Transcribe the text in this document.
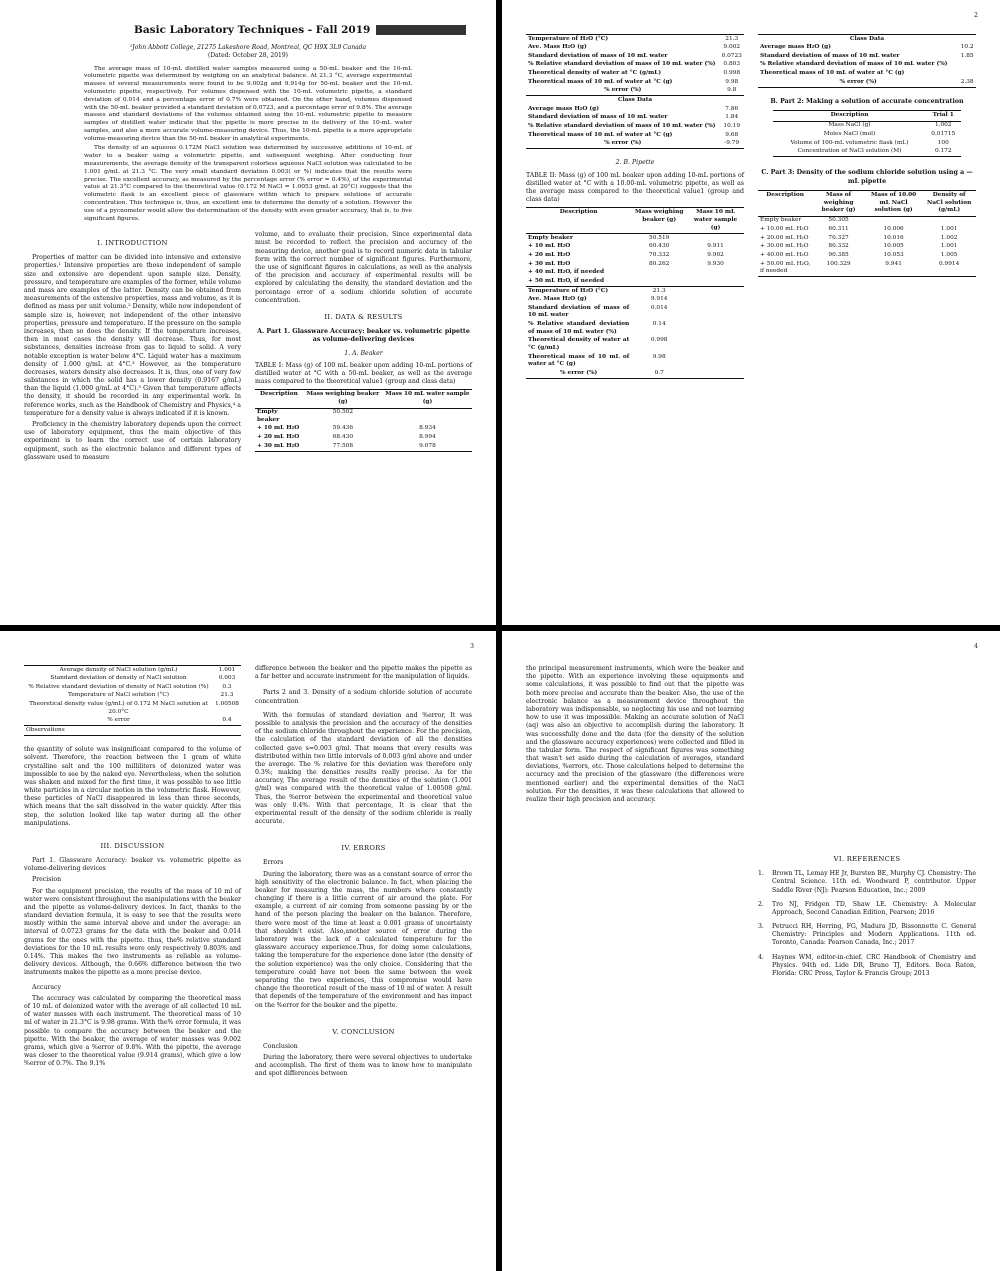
Basic Laboratory Techniques - Fall 2019
¹John Abbott College, 21275 Lakeshore Road, Montreal, QC H9X 3L9 Canada
(Dated: October 28, 2019)

The average mass of 10-mL distilled water samples measured using a 50-mL beaker and the 10-mL volumetric pipette was determined by weighing on an analytical balance. At 21.3 °C, average experimental masses of several measurements were found to be 9.002g and 9.914g for 50-mL beaker and the 10-mL volumetric pipette, respectively. For volumes dispensed with the 10-mL volumetric pipette, a standard deviation of 0.014 and a percentage error of 0.7% were obtained. On the other hand, volumes dispensed with the 50-mL beaker provided a standard deviation of 0.0723, and a percentage error of 9.8%. The average masses and standard deviations of the volumes obtained using the 10-mL volumetric pipette to measure samples of distilled water indicate that the pipette is more precise in its delivery of the 10-mL water samples, and also a more accurate volume-measuring device. Thus, the 10-mL pipette is a more appropriate volume-measuring device than the 50-mL beaker in analytical experiments.

The density of an aqueous 0.172M NaCl solution was determined by successive additions of 10-mL of water to a beaker using a volumetric pipette, and subsequent weighing. After conducting four measurements, the average density of the transparent colorless aqueous NaCl solution was calculated to be 1.001 g/mL at 21.3 °C. The very small standard deviation 0.003( or %) indicates that the results were precise. The excellent accuracy, as measured by the percentage error (% error = 0.4%), of the experimental value at 21.3°C compared to the theoretical value (0.172 M NaCl = 1.0053 g/mL at 20°C) suggests that the volumetric flask is an excellent piece of glassware within which to prepare solutions of accurate concentration. This technique is, thus, an excellent one to determine the density of a solution. However the use of a pycnometer would allow the determination of the density with even greater accuracy, that is, to five significant figures.

I. INTRODUCTION

Properties of matter can be divided into intensive and extensive properties.¹ Intensive properties are those independent of sample size and extensive are dependent upon sample size. Density, pressure, and temperature are examples of the former, while volume and mass are examples of the latter. Density can be obtained from measurements of the extensive properties, mass and volume, as it is defined as mass per unit volume.² Density, while now independent of sample size is, however, not independent of the other intensive properties, pressure and temperature. If the pressure on the sample increases, then so does the density. If the temperature increases, then in most cases the density will decrease. Thus, for most substances, densities increase from gas to liquid to solid. A very notable exception is water below 4°C. Liquid water has a maximum density of 1.000 g/mL at 4°C.³ However, as the temperature decreases, waters density also decreases. It is, thus, one of very few substances in which the solid has a lower density (0.9167 g/mL) than the liquid (1.000 g/mL at 4°C).³ Given that temperature affects the density, it should be recorded in any experimental work. In reference works, such as the Handbook of Chemistry and Physics,⁴ a temperature for a density value is always indicated if it is known.

Proficiency in the chemistry laboratory depends upon the correct use of laboratory equipment, thus the main objective of this experiment is to learn the correct use of certain laboratory equipment, such as the electronic balance and different types of glassware used to measure

volume, and to evaluate their precision. Since experimental data must be recorded to reflect the precision and accuracy of the measuring device, another goal is to record numeric data in tabular form with the correct number of significant figures. Furthermore, the use of significant figures in calculations, as well as the analysis of the precision and accuracy of experimental results will be explored by calculating the density, the standard deviation and the percentage error of a sodium chloride solution of accurate concentration.

II. DATA & RESULTS
A. Part 1. Glassware Accuracy: beaker vs. volumetric pipette as volume-delivering devices
1. A. Beaker
TABLE I: Mass (g) of 100 mL beaker upon adding 10-mL portions of distilled water at °C with a 50-mL beaker, as well as the average mass compared to the theoretical value1 (group and class data)
Description	Mass weighing beaker (g)	Mass 10 mL water sample (g)
Empty beaker	50.502	
+ 10 mL H₂O	59.436	8.934
+ 20 mL H₂O	68.430	8.994
+ 30 mL H₂O	77.508	9.078
2
Temperature of H₂O (°C)	21.3
Ave. Mass H₂O (g)	9.002
Standard deviation of mass of 10 mL water	0.0723
% Relative standard deviation of mass of 10 mL water (%)	0.803
Theoretical density of water at °C (g/mL)	0.998
Theoretical mass of 10 mL of water at °C (g)	9.98
% error (%)	9.8
Class Data	
Average mass H₂O (g)	7.86
Standard deviation of mass of 10 mL water	1.84
% Relative standard deviation of mass of 10 mL water (%)	10.19
Theoretical mass of 10 mL of water at °C (g)	9.68
% error (%)	-9.79
2. B. Pipette
TABLE II: Mass (g) of 100 mL beaker upon adding 10-mL portions of distilled water at °C with a 10.00-mL volumetric pipette, as well as the average mass compared to the theoretical value1 (group and class data)
Description	Mass weighing beaker (g)	Mass 10 mL water sample (g)
Empty beaker	50.519	
+ 10 mL H₂O	60.430	9.911
+ 20 mL H₂O	70.332	9.902
+ 30 mL H₂O	80.262	9.930
+ 40 mL H₂O, if needed		
+ 50 mL H₂O, if needed		
Temperature of H₂O (°C)	21.3	
Ave. Mass H₂O (g)	9.914	
Standard deviation of mass of 10 mL water	0.014	
% Relative standard deviation of mass of 10 mL water (%)	0.14	
Theoretical density of water at °C (g/mL)	0.998	
Theoretical mass of 10 mL of water at °C (g)	9.98	
% error (%)	0.7	
Class Data	
Average mass H₂O (g)	10.2
Standard deviation of mass of 10 mL water	1.85
% Relative standard deviation of mass of 10 mL water (%)	
Theoretical mass of 10 mL of water at °C (g)	
% error (%)	2.38
B. Part 2: Making a solution of accurate concentration
Description	Trial 1
Mass NaCl (g)	1.002
Moles NaCl (mol)	0.01715
Volume of 100-mL volumetric flask (mL)	100
Concentration of NaCl solution (M)	0.172
C. Part 3: Density of the sodium chloride solution using a — mL pipette
Description	Mass of weighing beaker (g)	Mass of 10.00 mL NaCl solution (g)	Density of NaCl solution (g/mL)
Empty beaker	50.305		
+ 10.00 mL H₂O	60.311	10.006	1.001
+ 20.00 mL H₂O	70.327	10.016	1.002
+ 30.00 mL H₂O	80.332	10.005	1.001
+ 40.00 mL H₂O	90.385	10.053	1.005
+ 50.00 mL H₂O, if needed	100.329	9.941	0.9914
3
Average density of NaCl solution (g/mL)	1.001
Standard deviation of density of NaCl solution	0.003
% Relative standard deviation of density of NaCl solution (%)	0.3
Temperature of NaCl solution (°C)	21.3
Theoretical density value (g/mL) of 0.172 M NaCl solution at 20.0°C	1.00508
% error	0.4
Observations	

the quantity of solute was insignificant compared to the volume of solvent. Therefore, the reaction between the 1 gram of white crystalline salt and the 100 milliliters of deionized water was impossible to see by the naked eye. Nevertheless, when the solution was shaken and mixed for the first time, it was possible to see little white particles in a circular motion in the volumetric flask. However, these particles of NaCl disappeared in less than three seconds, which means that the salt dissolved in the water quickly. After this step, the solution looked like tap water during all the other manipulations.

III. DISCUSSION

Part 1. Glassware Accuracy: beaker vs. volumetric pipette as volume-delivering devices

Precision

For the equipment precision, the results of the mass of 10 ml of water were consistent throughout the manipulations with the beaker and the pipette as volume-delivery devices. In fact, thanks to the standard deviation formula, it is easy to see that the results were mostly within the same interval above and under the average: an interval of 0.0723 grams for the data with the beaker and 0.014 grams for the ones with the pipette. thus, the% relative standard deviations for the 10 mL results were only respectively 0.803% and 0.14%. This makes the two instruments as reliable as volume-delivery devices. Although, the 0.66% difference between the two instruments makes the pipette as a more precise device.

Accuracy

The accuracy was calculated by comparing the theoretical mass of 10 mL of deionized water with the average of all collected 10 mL of water masses with each instrument. The theoretical mass of 10 ml of water in 21.3°C is 9.98 grams. With the% error formula, it was possible to compare the accuracy between the beaker and the pipette. With the beaker, the average of water masses was 9.002 grams, which give a %error of 9.8%. With the pipette, the average was closer to the theoretical value (9.914 grams), which give a low %error of 0.7%. The 9.1%

difference between the beaker and the pipette makes the pipette as a far better and accurate instrument for the manipulation of liquids.

Parts 2 and 3. Density of a sodium chloride solution of accurate concentration

With the formulas of standard deviation and %error, It was possible to analysis the precision and the accuracy of the densities of the sodium chloride throughout the experience. For the precision, the calculation of the standard deviation of all the densities collected gave s=0.003 g/ml. That means that every results was distributed within two little intervals of 0.003 g/ml above and under the average. The % relative for this deviation was therefore only 0.3%; making the densities results really precise. As for the accuracy, The average result of the densities of the solution (1.001 g/ml) was compared with the theoretical value of 1.00508 g/ml. Thus, the %error between the experimental and theoretical value was only 0.4%. With that percentage, It is clear that the experimental result of the density of the sodium chloride is really accurate.

IV. ERRORS

Errors

During the laboratory, there was as a constant source of error the high sensitivity of the electronic balance. In fact, when placing the beaker for measuring the mass, the numbers where constantly changing if there is a little current of air around the plate. For example, a current of air coming from someone passing by or the hand of the person placing the beaker on the balance. Therefore, there were most of the time at least a 0.001 grams of uncertainty that shouldn't exist. Also,another source of error during the laboratory was the lack of a calculated temperature for the glassware accuracy experience.Thus, for doing some calculations, taking the temperature for the experience done later (the density of the solution experience) was the only choice. Considering that the temperature could have not been the same between the week separating the two experiences, this compromise would have change the theoretical result of the mass of 10 ml of water. A result that depends of the temperature of the environment and has impact on the %error for the beaker and the pipette.

V. CONCLUSION

Conclusion

During the laboratory, there were several objectives to undertake and accomplish. The first of them was to know how to manipulate and spot differences between

4

the principal measurement instruments, which were the beaker and the pipette. With an experience involving these equipments and some calculations, it was possible to find out that the pipette was both more precise and accurate than the beaker. Also, the use of the electronic balance as a measurement device throughout the laboratory was indispensable, so neglecting his use and not learning how to use it was impossible. Making an accurate solution of NaCl (aq) was also an objective to accomplish during the laboratory. It was successfully done and the data (for the density of the solution and the glassware accuracy experiences) were collected and filled in the tabular form. The respect of significant figures was something that wasn't set aside during the calculation of averages, standard deviations, %errors, etc. Those calculations helped to determine the accuracy and the precision of the glassware (the differences were mentioned earlier) and the experimental densities of the NaCl solution. For the densities, it was these calculations that allowed to realize their high precision and accuracy.

VI. REFERENCES
1.	Brown TL, Lemay HE Jr, Bursten BE, Murphy CJ. Chemistry: The Central Science. 11th ed. Woodward P, contributor. Upper Saddle River (NJ): Pearson Education, Inc.; 2009
2.	Tro NJ, Fridgen TD, Shaw LE. Chemistry: A Molecular Approach, Second Canadian Edition, Pearson; 2016
3.	Petrucci RH, Herring, FG, Madura JD, Bissonnette C. General Chemistry: Principles and Modern Applications. 11th ed. Toronto, Canada: Pearson Canada, Inc.; 2017
4.	Haynes WM, editor-in-chief. CRC Handbook of Chemistry and Physics. 94th ed. Lide DR, Bruno TJ, Editors. Boca Raton, Florida: CRC Press, Taylor & Francis Group; 2013
